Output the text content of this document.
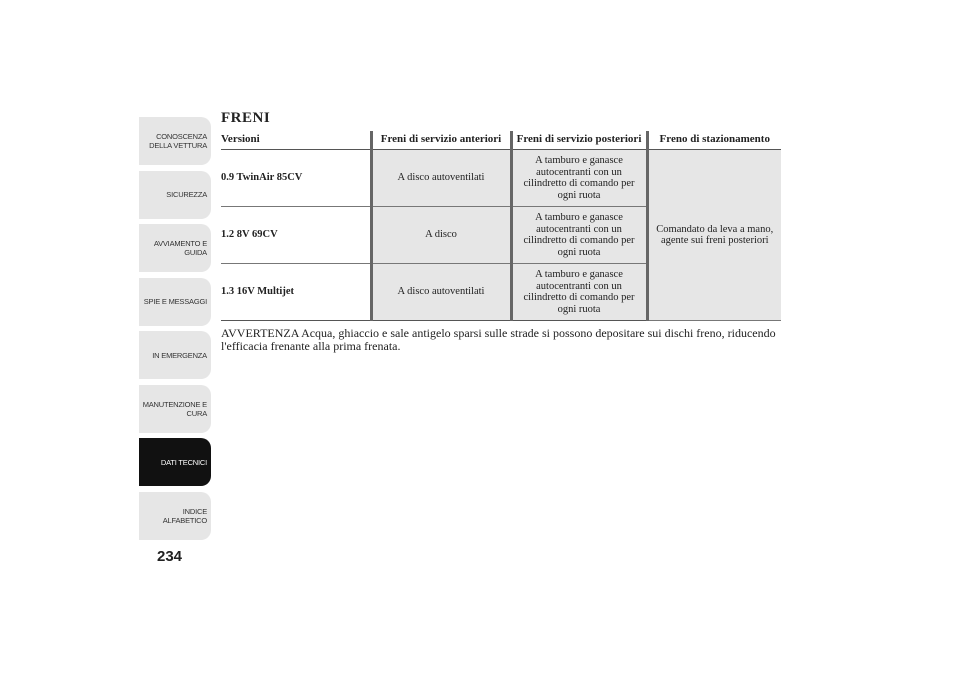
CONOSCENZA
DELLA VETTURA
SICUREZZA
AVVIAMENTO E
GUIDA
SPIE E MESSAGGI
IN EMERGENZA
MANUTENZIONE E
CURA
DATI TECNICI
INDICE
ALFABETICO
234
FRENI
Versioni	Freni di servizio anteriori	Freni di servizio posteriori	Freno di stazionamento
0.9 TwinAir 85CV	A disco autoventilati	A tamburo e ganasce autocentranti con un cilindretto di comando per ogni ruota	Comandato da leva a mano, agente sui freni posteriori
1.2 8V 69CV	A disco	A tamburo e ganasce autocentranti con un cilindretto di comando per ogni ruota	
1.3 16V Multijet	A disco autoventilati	A tamburo e ganasce autocentranti con un cilindretto di comando per ogni ruota	
AVVERTENZA Acqua, ghiaccio e sale antigelo sparsi sulle strade si possono depositare sui dischi freno, riducendo l'efficacia frenante alla prima frenata.
